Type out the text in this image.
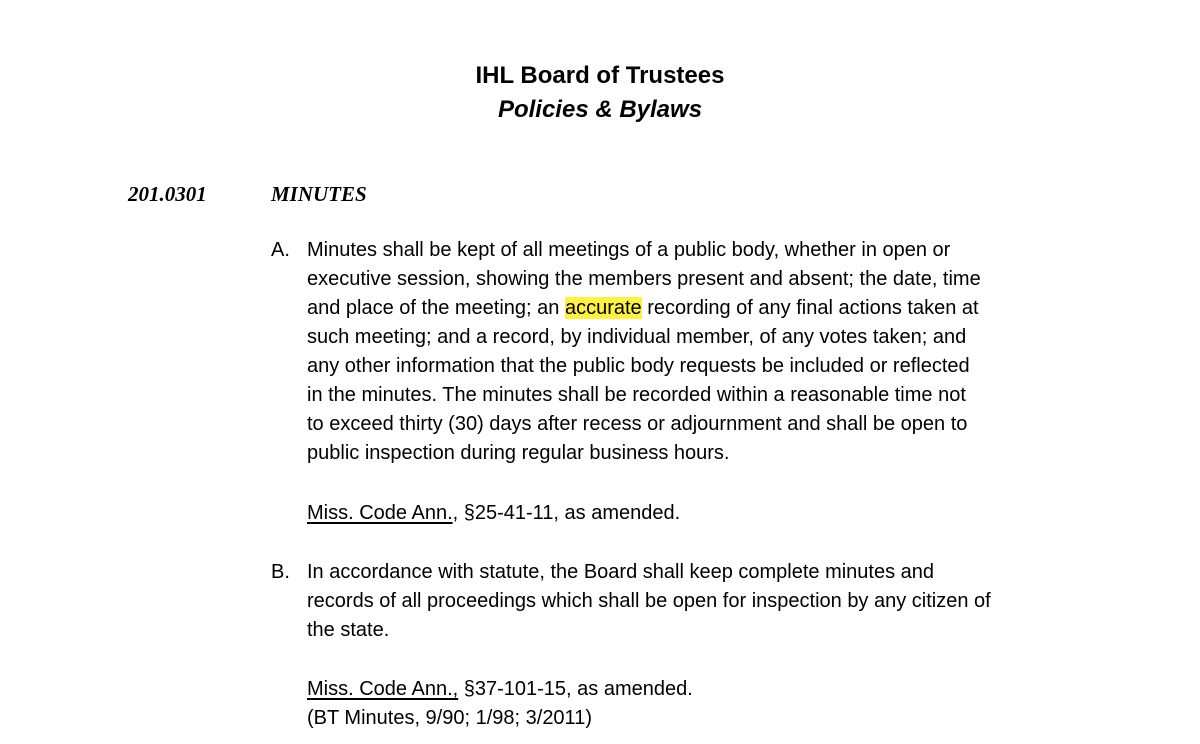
IHL Board of Trustees
Policies & Bylaws
201.0301	MINUTES
A. Minutes shall be kept of all meetings of a public body, whether in open or
executive session, showing the members present and absent; the date, time
and place of the meeting; an accurate recording of any final actions taken at
such meeting; and a record, by individual member, of any votes taken; and
any other information that the public body requests be included or reflected
in the minutes. The minutes shall be recorded within a reasonable time not
to exceed thirty (30) days after recess or adjournment and shall be open to
public inspection during regular business hours.
Miss. Code Ann., §25-41-11, as amended.
B. In accordance with statute, the Board shall keep complete minutes and
records of all proceedings which shall be open for inspection by any citizen of
the state.
Miss. Code Ann., §37-101-15, as amended.
(BT Minutes, 9/90; 1/98; 3/2011)
